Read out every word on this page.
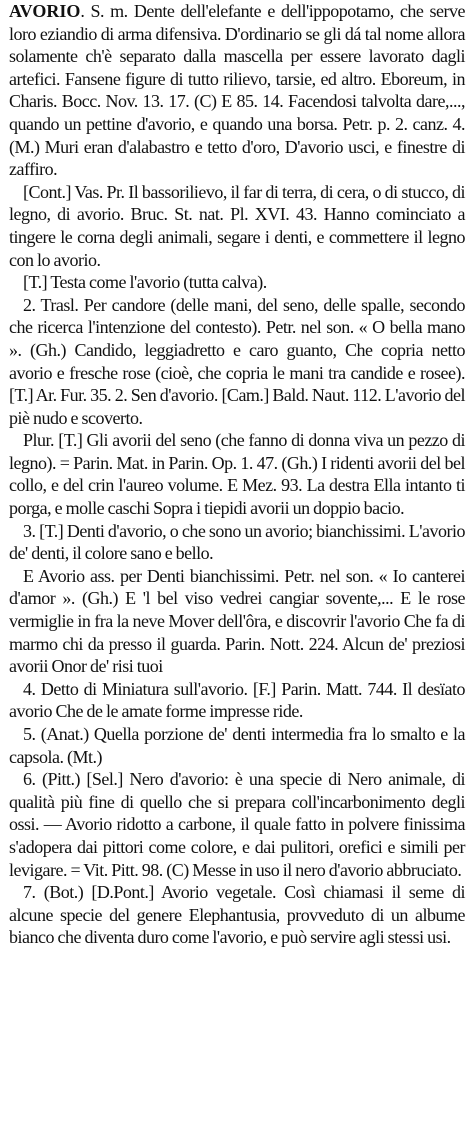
AVORIO. S. m. Dente dell'elefante e dell'ippopotamo, che serve loro eziandio di arma difensiva. D'ordinario se gli dá tal nome allora solamente ch'è separato dalla mascella per essere lavorato dagli artefici. Fansene figure di tutto rilievo, tarsie, ed altro. Eboreum, in Charis. Bocc. Nov. 13. 17. (C) E 85. 14. Facendosi talvolta dare,..., quando un pettine d'avorio, e quando una borsa. Petr. p. 2. canz. 4. (M.) Muri eran d'alabastro e tetto d'oro, D'avorio usci, e finestre di zaffiro.

[Cont.] Vas. Pr. Il bassorilievo, il far di terra, di cera, o di stucco, di legno, di avorio. Bruc. St. nat. Pl. XVI. 43. Hanno cominciato a tingere le corna degli animali, segare i denti, e commettere il legno con lo avorio.

[T.] Testa come l'avorio (tutta calva).

2. Trasl. Per candore (delle mani, del seno, delle spalle, secondo che ricerca l'intenzione del contesto). Petr. nel son. « O bella mano ». (Gh.) Candido, leggiadretto e caro guanto, Che copria netto avorio e fresche rose (cioè, che copria le mani tra candide e rosee). [T.] Ar. Fur. 35. 2. Sen d'avorio. [Cam.] Bald. Naut. 112. L'avorio del piè nudo e scoverto.

Plur. [T.] Gli avorii del seno (che fanno di donna viva un pezzo di legno). = Parin. Mat. in Parin. Op. 1. 47. (Gh.) I ridenti avorii del bel collo, e del crin l'aureo volume. E Mez. 93. La destra Ella intanto ti porga, e molle caschi Sopra i tiepidi avorii un doppio bacio.

3. [T.] Denti d'avorio, o che sono un avorio; bianchissimi. L'avorio de' denti, il colore sano e bello.

E Avorio ass. per Denti bianchissimi. Petr. nel son. « Io canterei d'amor ». (Gh.) E 'l bel viso vedrei cangiar sovente,... E le rose vermiglie in fra la neve Mover dell'ôra, e discovrir l'avorio Che fa di marmo chi da presso il guarda. Parin. Nott. 224. Alcun de' preziosi avorii Onor de' risi tuoi

4. Detto di Miniatura sull'avorio. [F.] Parin. Matt. 744. Il desïato avorio Che de le amate forme impresse ride.

5. (Anat.) Quella porzione de' denti intermedia fra lo smalto e la capsola. (Mt.)

6. (Pitt.) [Sel.] Nero d'avorio: è una specie di Nero animale, di qualità più fine di quello che si prepara coll'incarbonimento degli ossi. — Avorio ridotto a carbone, il quale fatto in polvere finissima s'adopera dai pittori come colore, e dai pulitori, orefici e simili per levigare. = Vit. Pitt. 98. (C) Messe in uso il nero d'avorio abbruciato.

7. (Bot.) [D.Pont.] Avorio vegetale. Così chiamasi il seme di alcune specie del genere Elephantusia, provveduto di un albume bianco che diventa duro come l'avorio, e può servire agli stessi usi.
